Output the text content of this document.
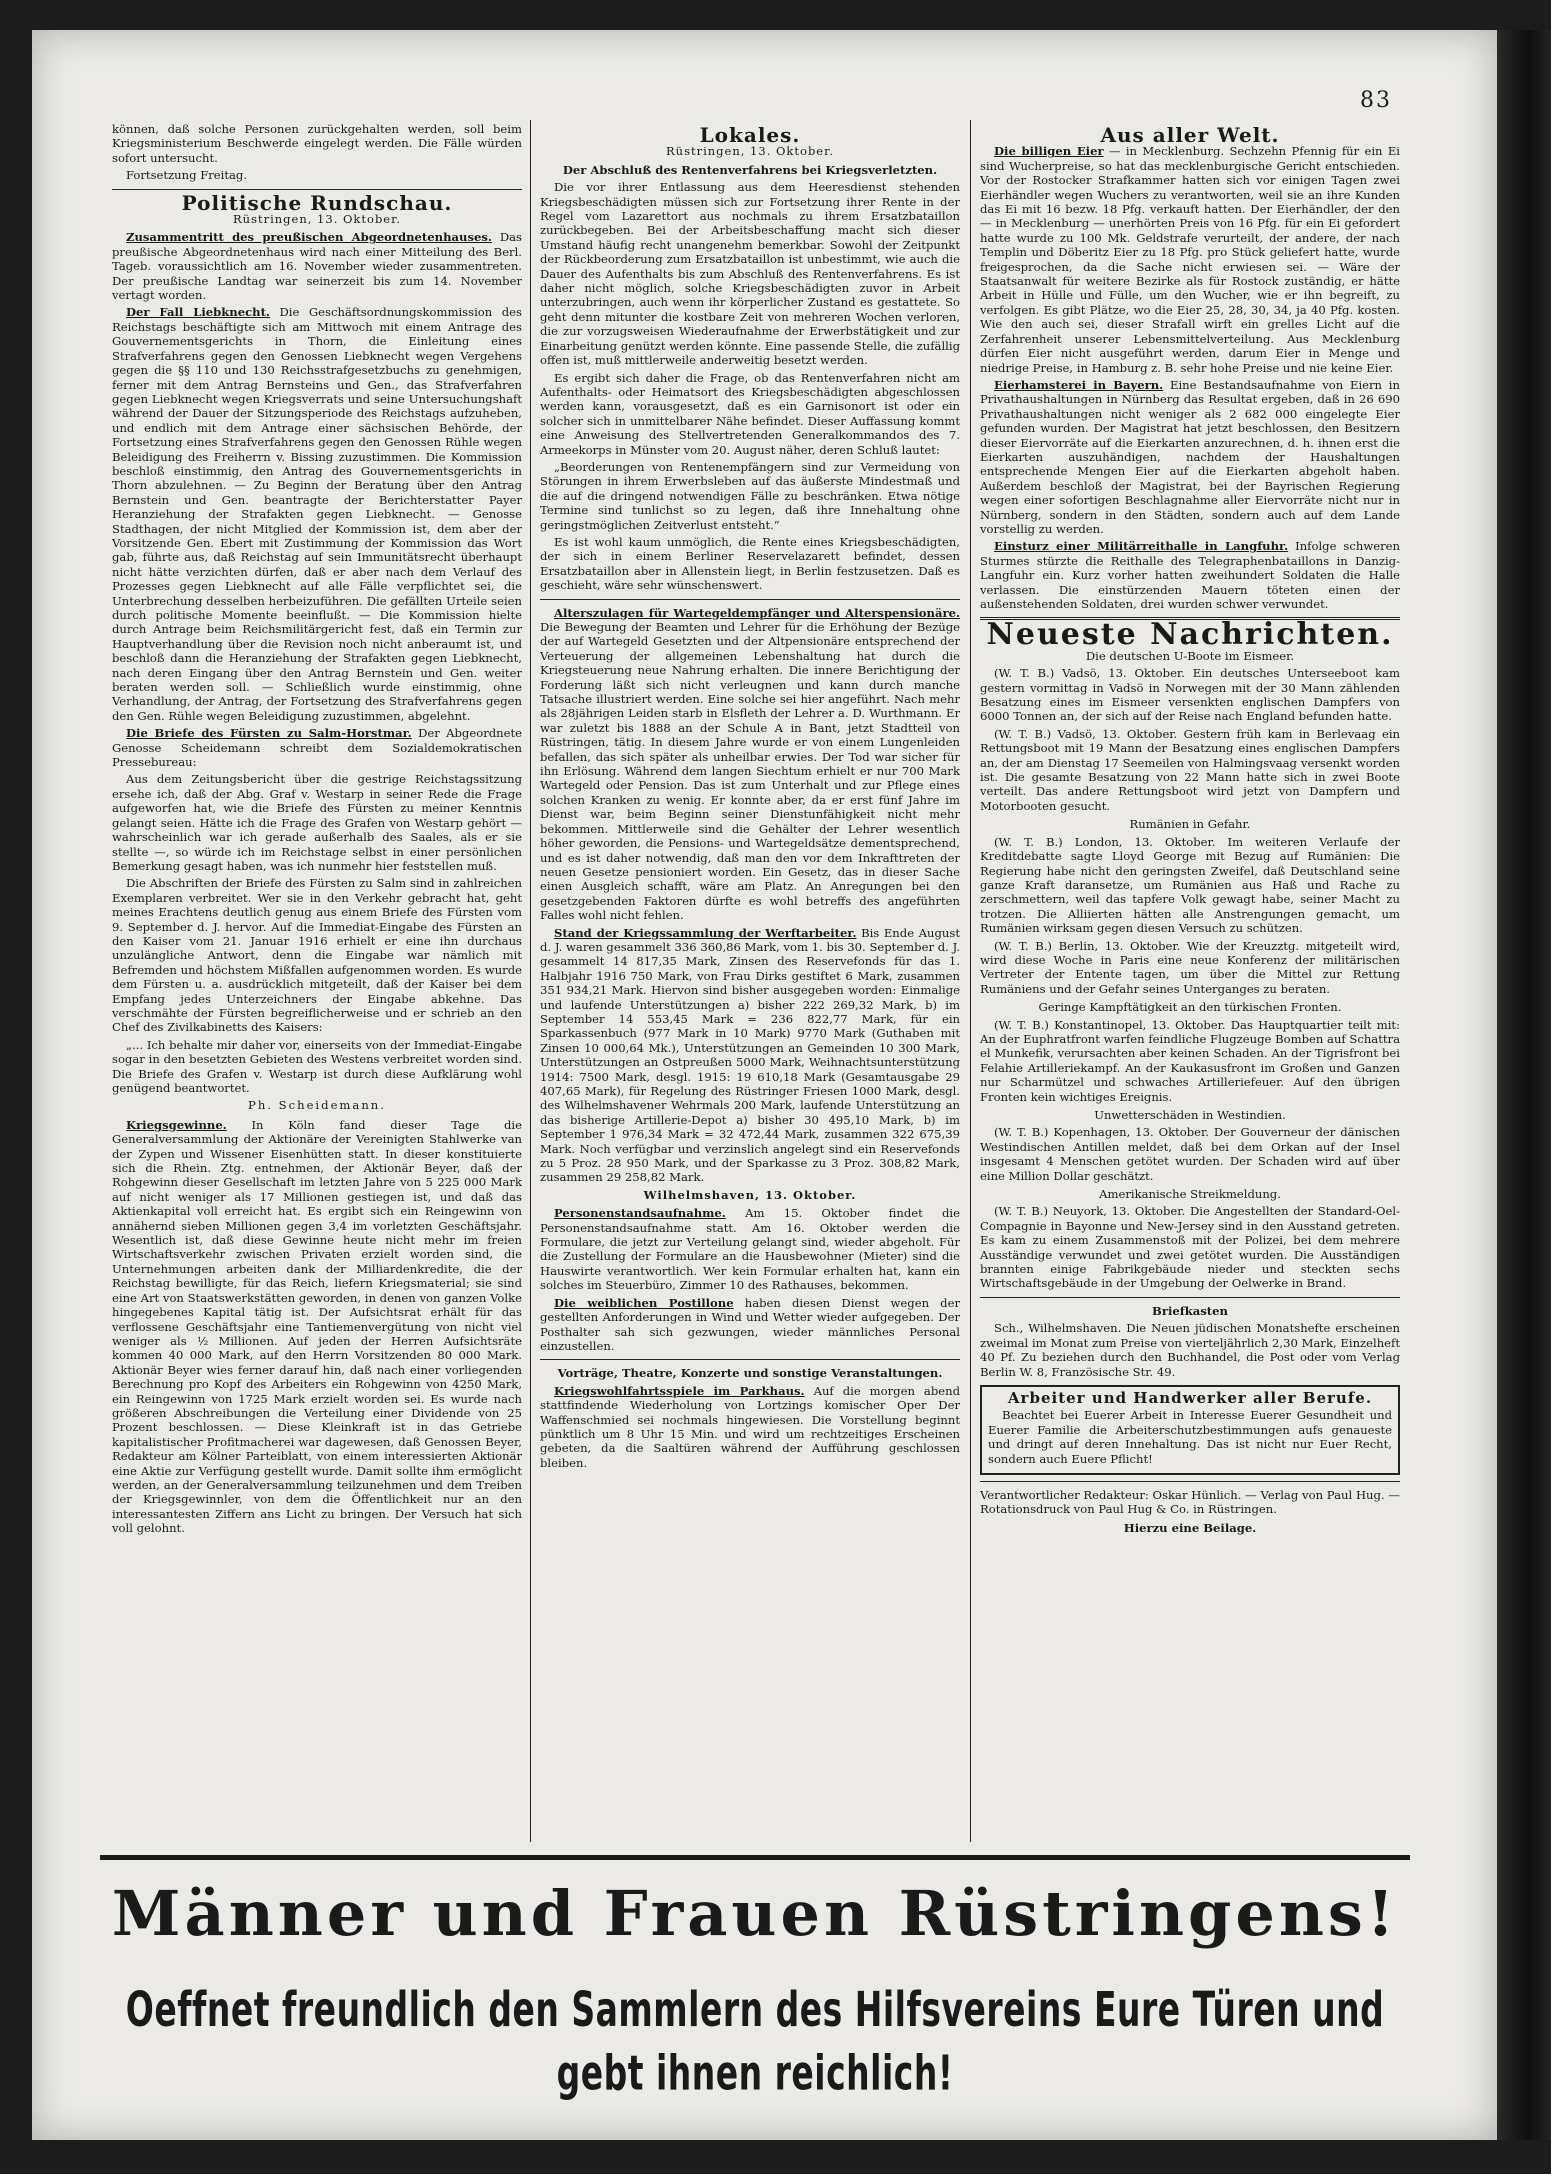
83

können, daß solche Personen zurückgehalten werden, soll beim Kriegsministerium Beschwerde eingelegt werden. Die Fälle würden sofort untersucht.

Fortsetzung Freitag.

Politische Rundschau.
Rüstringen, 13. Oktober.

Zusammentritt des preußischen Abgeordnetenhauses. Das preußische Abgeordnetenhaus wird nach einer Mitteilung des Berl. Tageb. voraussichtlich am 16. November wieder zusammentreten. Der preußische Landtag war seinerzeit bis zum 14. November vertagt worden.

Der Fall Liebknecht. Die Geschäftsordnungskommission des Reichstags beschäftigte sich am Mittwoch mit einem Antrage des Gouvernementsgerichts in Thorn, die Einleitung eines Strafverfahrens gegen den Genossen Liebknecht wegen Vergehens gegen die §§ 110 und 130 Reichsstrafgesetzbuchs zu genehmigen, ferner mit dem Antrag Bernsteins und Gen., das Strafverfahren gegen Liebknecht wegen Kriegsverrats und seine Untersuchungshaft während der Dauer der Sitzungsperiode des Reichstags aufzuheben, und endlich mit dem Antrage einer sächsischen Behörde, der Fortsetzung eines Strafverfahrens gegen den Genossen Rühle wegen Beleidigung des Freiherrn v. Bissing zuzustimmen. Die Kommission beschloß einstimmig, den Antrag des Gouvernementsgerichts in Thorn abzulehnen. — Zu Beginn der Beratung über den Antrag Bernstein und Gen. beantragte der Berichterstatter Payer Heranziehung der Strafakten gegen Liebknecht. — Genosse Stadthagen, der nicht Mitglied der Kommission ist, dem aber der Vorsitzende Gen. Ebert mit Zustimmung der Kommission das Wort gab, führte aus, daß Reichstag auf sein Immunitätsrecht überhaupt nicht hätte verzichten dürfen, daß er aber nach dem Verlauf des Prozesses gegen Liebknecht auf alle Fälle verpflichtet sei, die Unterbrechung desselben herbeizuführen. Die gefällten Urteile seien durch politische Momente beeinflußt. — Die Kommission hielte durch Antrage beim Reichsmilitärgericht fest, daß ein Termin zur Hauptverhandlung über die Revision noch nicht anberaumt ist, und beschloß dann die Heranziehung der Strafakten gegen Liebknecht, nach deren Eingang über den Antrag Bernstein und Gen. weiter beraten werden soll. — Schließlich wurde einstimmig, ohne Verhandlung, der Antrag, der Fortsetzung des Strafverfahrens gegen den Gen. Rühle wegen Beleidigung zuzustimmen, abgelehnt.

Die Briefe des Fürsten zu Salm-Horstmar. Der Abgeordnete Genosse Scheidemann schreibt dem Sozialdemokratischen Pressebureau:

Aus dem Zeitungsbericht über die gestrige Reichstagssitzung ersehe ich, daß der Abg. Graf v. Westarp in seiner Rede die Frage aufgeworfen hat, wie die Briefe des Fürsten zu meiner Kenntnis gelangt seien. Hätte ich die Frage des Grafen von Westarp gehört — wahrscheinlich war ich gerade außerhalb des Saales, als er sie stellte —, so würde ich im Reichstage selbst in einer persönlichen Bemerkung gesagt haben, was ich nunmehr hier feststellen muß.

Die Abschriften der Briefe des Fürsten zu Salm sind in zahlreichen Exemplaren verbreitet. Wer sie in den Verkehr gebracht hat, geht meines Erachtens deutlich genug aus einem Briefe des Fürsten vom 9. September d. J. hervor. Auf die Immediat-Eingabe des Fürsten an den Kaiser vom 21. Januar 1916 erhielt er eine ihn durchaus unzulängliche Antwort, denn die Eingabe war nämlich mit Befremden und höchstem Mißfallen aufgenommen worden. Es wurde dem Fürsten u. a. ausdrücklich mitgeteilt, daß der Kaiser bei dem Empfang jedes Unterzeichners der Eingabe abkehne. Das verschmähte der Fürsten begreiflicherweise und er schrieb an den Chef des Zivilkabinetts des Kaisers:

„... Ich behalte mir daher vor, einerseits von der Immediat-Eingabe sogar in den besetzten Gebieten des Westens verbreitet worden sind. Die Briefe des Grafen v. Westarp ist durch diese Aufklärung wohl genügend beantwortet.

Ph. Scheidemann.

Kriegsgewinne. In Köln fand dieser Tage die Generalversammlung der Aktionäre der Vereinigten Stahlwerke van der Zypen und Wissener Eisenhütten statt. In dieser konstituierte sich die Rhein. Ztg. entnehmen, der Aktionär Beyer, daß der Rohgewinn dieser Gesellschaft im letzten Jahre von 5 225 000 Mark auf nicht weniger als 17 Millionen gestiegen ist, und daß das Aktienkapital voll erreicht hat. Es ergibt sich ein Reingewinn von annähernd sieben Millionen gegen 3,4 im vorletzten Geschäftsjahr. Wesentlich ist, daß diese Gewinne heute nicht mehr im freien Wirtschaftsverkehr zwischen Privaten erzielt worden sind, die Unternehmungen arbeiten dank der Milliardenkredite, die der Reichstag bewilligte, für das Reich, liefern Kriegsmaterial; sie sind eine Art von Staatswerkstätten geworden, in denen von ganzen Volke hingegebenes Kapital tätig ist. Der Aufsichtsrat erhält für das verflossene Geschäftsjahr eine Tantiemenvergütung von nicht viel weniger als ½ Millionen. Auf jeden der Herren Aufsichtsräte kommen 40 000 Mark, auf den Herrn Vorsitzenden 80 000 Mark. Aktionär Beyer wies ferner darauf hin, daß nach einer vorliegenden Berechnung pro Kopf des Arbeiters ein Rohgewinn von 4250 Mark, ein Reingewinn von 1725 Mark erzielt worden sei. Es wurde nach größeren Abschreibungen die Verteilung einer Dividende von 25 Prozent beschlossen. — Diese Kleinkraft ist in das Getriebe kapitalistischer Profitmacherei war dagewesen, daß Genossen Beyer, Redakteur am Kölner Parteiblatt, von einem interessierten Aktionär eine Aktie zur Verfügung gestellt wurde. Damit sollte ihm ermöglicht werden, an der Generalversammlung teilzunehmen und dem Treiben der Kriegsgewinnler, von dem die Öffentlichkeit nur an den interessantesten Ziffern ans Licht zu bringen. Der Versuch hat sich voll gelohnt.

Lokales.
Rüstringen, 13. Oktober.
Der Abschluß des Rentenverfahrens bei Kriegsverletzten.

Die vor ihrer Entlassung aus dem Heeresdienst stehenden Kriegsbeschädigten müssen sich zur Fortsetzung ihrer Rente in der Regel vom Lazarettort aus nochmals zu ihrem Ersatzbataillon zurückbegeben. Bei der Arbeitsbeschaffung macht sich dieser Umstand häufig recht unangenehm bemerkbar. Sowohl der Zeitpunkt der Rückbeorderung zum Ersatzbataillon ist unbestimmt, wie auch die Dauer des Aufenthalts bis zum Abschluß des Rentenverfahrens. Es ist daher nicht möglich, solche Kriegsbeschädigten zuvor in Arbeit unterzubringen, auch wenn ihr körperlicher Zustand es gestattete. So geht denn mitunter die kostbare Zeit von mehreren Wochen verloren, die zur vorzugsweisen Wiederaufnahme der Erwerbstätigkeit und zur Einarbeitung genützt werden könnte. Eine passende Stelle, die zufällig offen ist, muß mittlerweile anderweitig besetzt werden.

Es ergibt sich daher die Frage, ob das Rentenverfahren nicht am Aufenthalts- oder Heimatsort des Kriegsbeschädigten abgeschlossen werden kann, vorausgesetzt, daß es ein Garnisonort ist oder ein solcher sich in unmittelbarer Nähe befindet. Dieser Auffassung kommt eine Anweisung des Stellvertretenden Generalkommandos des 7. Armeekorps in Münster vom 20. August näher, deren Schluß lautet:

„Beorderungen von Rentenempfängern sind zur Vermeidung von Störungen in ihrem Erwerbsleben auf das äußerste Mindestmaß und die auf die dringend notwendigen Fälle zu beschränken. Etwa nötige Termine sind tunlichst so zu legen, daß ihre Innehaltung ohne geringstmöglichen Zeitverlust entsteht.“

Es ist wohl kaum unmöglich, die Rente eines Kriegsbeschädigten, der sich in einem Berliner Reservelazarett befindet, dessen Ersatzbataillon aber in Allenstein liegt, in Berlin festzusetzen. Daß es geschieht, wäre sehr wünschenswert.

Alterszulagen für Wartegeldempfänger und Alterspensionäre. Die Bewegung der Beamten und Lehrer für die Erhöhung der Bezüge der auf Wartegeld Gesetzten und der Altpensionäre entsprechend der Verteuerung der allgemeinen Lebenshaltung hat durch die Kriegsteuerung neue Nahrung erhalten. Die innere Berichtigung der Forderung läßt sich nicht verleugnen und kann durch manche Tatsache illustriert werden. Eine solche sei hier angeführt. Nach mehr als 28jährigen Leiden starb in Elsfleth der Lehrer a. D. Wurthmann. Er war zuletzt bis 1888 an der Schule A in Bant, jetzt Stadtteil von Rüstringen, tätig. In diesem Jahre wurde er von einem Lungenleiden befallen, das sich später als unheilbar erwies. Der Tod war sicher für ihn Erlösung. Während dem langen Siechtum erhielt er nur 700 Mark Wartegeld oder Pension. Das ist zum Unterhalt und zur Pflege eines solchen Kranken zu wenig. Er konnte aber, da er erst fünf Jahre im Dienst war, beim Beginn seiner Dienstunfähigkeit nicht mehr bekommen. Mittlerweile sind die Gehälter der Lehrer wesentlich höher geworden, die Pensions- und Wartegeldsätze dementsprechend, und es ist daher notwendig, daß man den vor dem Inkrafttreten der neuen Gesetze pensioniert worden. Ein Gesetz, das in dieser Sache einen Ausgleich schafft, wäre am Platz. An Anregungen bei den gesetzgebenden Faktoren dürfte es wohl betreffs des angeführten Falles wohl nicht fehlen.

Stand der Kriegssammlung der Werftarbeiter. Bis Ende August d. J. waren gesammelt 336 360,86 Mark, vom 1. bis 30. September d. J. gesammelt 14 817,35 Mark, Zinsen des Reservefonds für das 1. Halbjahr 1916 750 Mark, von Frau Dirks gestiftet 6 Mark, zusammen 351 934,21 Mark. Hiervon sind bisher ausgegeben worden: Einmalige und laufende Unterstützungen a) bisher 222 269,32 Mark, b) im September 14 553,45 Mark = 236 822,77 Mark, für ein Sparkassenbuch (977 Mark in 10 Mark) 9770 Mark (Guthaben mit Zinsen 10 000,64 Mk.), Unterstützungen an Gemeinden 10 300 Mark, Unterstützungen an Ostpreußen 5000 Mark, Weihnachtsunterstützung 1914: 7500 Mark, desgl. 1915: 19 610,18 Mark (Gesamtausgabe 29 407,65 Mark), für Regelung des Rüstringer Friesen 1000 Mark, desgl. des Wilhelmshavener Wehrmals 200 Mark, laufende Unterstützung an das bisherige Artillerie-Depot a) bisher 30 495,10 Mark, b) im September 1 976,34 Mark = 32 472,44 Mark, zusammen 322 675,39 Mark. Noch verfügbar und verzinslich angelegt sind ein Reservefonds zu 5 Proz. 28 950 Mark, und der Sparkasse zu 3 Proz. 308,82 Mark, zusammen 29 258,82 Mark.

Wilhelmshaven, 13. Oktober.

Personenstandsaufnahme. Am 15. Oktober findet die Personenstandsaufnahme statt. Am 16. Oktober werden die Formulare, die jetzt zur Verteilung gelangt sind, wieder abgeholt. Für die Zustellung der Formulare an die Hausbewohner (Mieter) sind die Hauswirte verantwortlich. Wer kein Formular erhalten hat, kann ein solches im Steuerbüro, Zimmer 10 des Rathauses, bekommen.

Die weiblichen Postillone haben diesen Dienst wegen der gestellten Anforderungen in Wind und Wetter wieder aufgegeben. Der Posthalter sah sich gezwungen, wieder männliches Personal einzustellen.

Vorträge, Theatre, Konzerte und sonstige Veranstaltungen.

Kriegswohlfahrtsspiele im Parkhaus. Auf die morgen abend stattfindende Wiederholung von Lortzings komischer Oper Der Waffenschmied sei nochmals hingewiesen. Die Vorstellung beginnt pünktlich um 8 Uhr 15 Min. und wird um rechtzeitiges Erscheinen gebeten, da die Saaltüren während der Aufführung geschlossen bleiben.

Aus aller Welt.

Die billigen Eier — in Mecklenburg. Sechzehn Pfennig für ein Ei sind Wucherpreise, so hat das mecklenburgische Gericht entschieden. Vor der Rostocker Strafkammer hatten sich vor einigen Tagen zwei Eierhändler wegen Wuchers zu verantworten, weil sie an ihre Kunden das Ei mit 16 bezw. 18 Pfg. verkauft hatten. Der Eierhändler, der den — in Mecklenburg — unerhörten Preis von 16 Pfg. für ein Ei gefordert hatte wurde zu 100 Mk. Geldstrafe verurteilt, der andere, der nach Templin und Döberitz Eier zu 18 Pfg. pro Stück geliefert hatte, wurde freigesprochen, da die Sache nicht erwiesen sei. — Wäre der Staatsanwalt für weitere Bezirke als für Rostock zuständig, er hätte Arbeit in Hülle und Fülle, um den Wucher, wie er ihn begreift, zu verfolgen. Es gibt Plätze, wo die Eier 25, 28, 30, 34, ja 40 Pfg. kosten. Wie den auch sei, dieser Strafall wirft ein grelles Licht auf die Zerfahrenheit unserer Lebensmittelverteilung. Aus Mecklenburg dürfen Eier nicht ausgeführt werden, darum Eier in Menge und niedrige Preise, in Hamburg z. B. sehr hohe Preise und nie keine Eier.

Eierhamsterei in Bayern. Eine Bestandsaufnahme von Eiern in Privathaushaltungen in Nürnberg das Resultat ergeben, daß in 26 690 Privathaushaltungen nicht weniger als 2 682 000 eingelegte Eier gefunden wurden. Der Magistrat hat jetzt beschlossen, den Besitzern dieser Eiervorräte auf die Eierkarten anzurechnen, d. h. ihnen erst die Eierkarten auszuhändigen, nachdem der Haushaltungen entsprechende Mengen Eier auf die Eierkarten abgeholt haben. Außerdem beschloß der Magistrat, bei der Bayrischen Regierung wegen einer sofortigen Beschlagnahme aller Eiervorräte nicht nur in Nürnberg, sondern in den Städten, sondern auch auf dem Lande vorstellig zu werden.

Einsturz einer Militärreithalle in Langfuhr. Infolge schweren Sturmes stürzte die Reithalle des Telegraphenbataillons in Danzig-Langfuhr ein. Kurz vorher hatten zweihundert Soldaten die Halle verlassen. Die einstürzenden Mauern töteten einen der außenstehenden Soldaten, drei wurden schwer verwundet.

Neueste Nachrichten.
Die deutschen U-Boote im Eismeer.

(W. T. B.) Vadsö, 13. Oktober. Ein deutsches Unterseeboot kam gestern vormittag in Vadsö in Norwegen mit der 30 Mann zählenden Besatzung eines im Eismeer versenkten englischen Dampfers von 6000 Tonnen an, der sich auf der Reise nach England befunden hatte.

(W. T. B.) Vadsö, 13. Oktober. Gestern früh kam in Berlevaag ein Rettungsboot mit 19 Mann der Besatzung eines englischen Dampfers an, der am Dienstag 17 Seemeilen von Halmingsvaag versenkt worden ist. Die gesamte Besatzung von 22 Mann hatte sich in zwei Boote verteilt. Das andere Rettungsboot wird jetzt von Dampfern und Motorbooten gesucht.

Rumänien in Gefahr.

(W. T. B.) London, 13. Oktober. Im weiteren Verlaufe der Kreditdebatte sagte Lloyd George mit Bezug auf Rumänien: Die Regierung habe nicht den geringsten Zweifel, daß Deutschland seine ganze Kraft daransetze, um Rumänien aus Haß und Rache zu zerschmettern, weil das tapfere Volk gewagt habe, seiner Macht zu trotzen. Die Alliierten hätten alle Anstrengungen gemacht, um Rumänien wirksam gegen diesen Versuch zu schützen.

(W. T. B.) Berlin, 13. Oktober. Wie der Kreuzztg. mitgeteilt wird, wird diese Woche in Paris eine neue Konferenz der militärischen Vertreter der Entente tagen, um über die Mittel zur Rettung Rumäniens und der Gefahr seines Unterganges zu beraten.

Geringe Kampftätigkeit an den türkischen Fronten.

(W. T. B.) Konstantinopel, 13. Oktober. Das Hauptquartier teilt mit: An der Euphratfront warfen feindliche Flugzeuge Bomben auf Schattra el Munkefik, verursachten aber keinen Schaden. An der Tigrisfront bei Felahie Artilleriekampf. An der Kaukasusfront im Großen und Ganzen nur Scharmützel und schwaches Artilleriefeuer. Auf den übrigen Fronten kein wichtiges Ereignis.

Unwetterschäden in Westindien.

(W. T. B.) Kopenhagen, 13. Oktober. Der Gouverneur der dänischen Westindischen Antillen meldet, daß bei dem Orkan auf der Insel insgesamt 4 Menschen getötet wurden. Der Schaden wird auf über eine Million Dollar geschätzt.

Amerikanische Streikmeldung.

(W. T. B.) Neuyork, 13. Oktober. Die Angestellten der Standard-Oel-Compagnie in Bayonne und New-Jersey sind in den Ausstand getreten. Es kam zu einem Zusammenstoß mit der Polizei, bei dem mehrere Ausständige verwundet und zwei getötet wurden. Die Ausständigen brannten einige Fabrikgebäude nieder und steckten sechs Wirtschaftsgebäude in der Umgebung der Oelwerke in Brand.

Briefkasten

Sch., Wilhelmshaven. Die Neuen jüdischen Monatshefte erscheinen zweimal im Monat zum Preise von vierteljährlich 2,30 Mark, Einzelheft 40 Pf. Zu beziehen durch den Buchhandel, die Post oder vom Verlag Berlin W. 8, Französische Str. 49.

Arbeiter und Handwerker aller Berufe.

Beachtet bei Euerer Arbeit in Interesse Euerer Gesundheit und Euerer Familie die Arbeiterschutzbestimmungen aufs genaueste und dringt auf deren Innehaltung. Das ist nicht nur Euer Recht, sondern auch Euere Pflicht!

Verantwortlicher Redakteur: Oskar Hünlich. — Verlag von Paul Hug. — Rotationsdruck von Paul Hug & Co. in Rüstringen.

Hierzu eine Beilage.
Männer und Frauen Rüstringens!
Oeffnet freundlich den Sammlern des Hilfsvereins Eure Türen und gebt ihnen reichlich!
